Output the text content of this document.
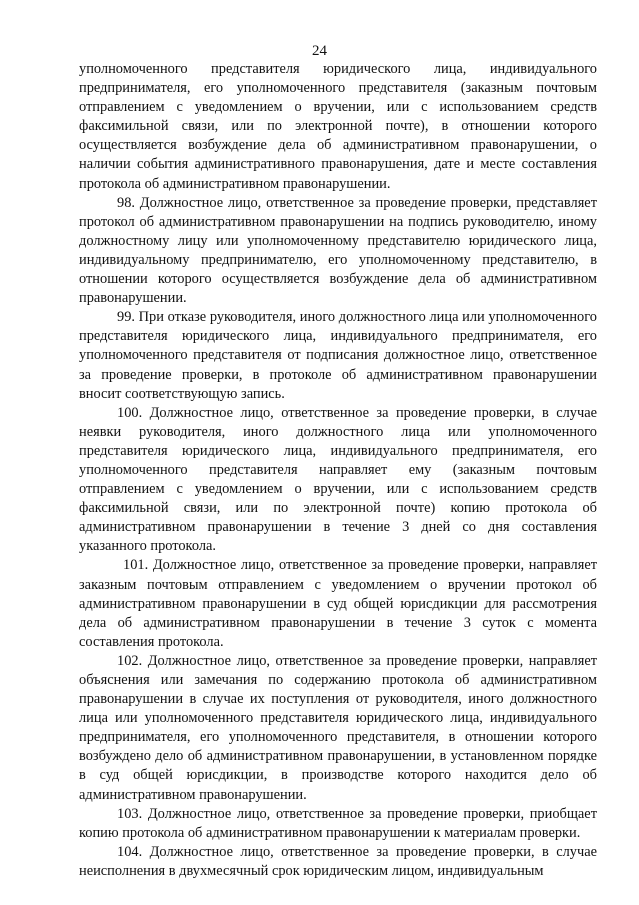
24

уполномоченного представителя юридического лица, индивидуального предпринимателя, его уполномоченного представителя (заказным почтовым отправлением с уведомлением о вручении, или с использованием средств факсимильной связи, или по электронной почте), в отношении которого осуществляется возбуждение дела об административном правонарушении, о наличии события административного правонарушения, дате и месте составления протокола об административном правонарушении.

98. Должностное лицо, ответственное за проведение проверки, представляет протокол об административном правонарушении на подпись руководителю, иному должностному лицу или уполномоченному представителю юридического лица, индивидуальному предпринимателю, его уполномоченному представителю, в отношении которого осуществляется возбуждение дела об административном правонарушении.

99. При отказе руководителя, иного должностного лица или уполномоченного представителя юридического лица, индивидуального предпринимателя, его уполномоченного представителя от подписания должностное лицо, ответственное за проведение проверки, в протоколе об административном правонарушении вносит соответствующую запись.

100. Должностное лицо, ответственное за проведение проверки, в случае неявки руководителя, иного должностного лица или уполномоченного представителя юридического лица, индивидуального предпринимателя, его уполномоченного представителя направляет ему (заказным почтовым отправлением с уведомлением о вручении, или с использованием средств факсимильной связи, или по электронной почте) копию протокола об административном правонарушении в течение 3 дней со дня составления указанного протокола.

101. Должностное лицо, ответственное за проведение проверки, направляет заказным почтовым отправлением с уведомлением о вручении протокол об административном правонарушении в суд общей юрисдикции для рассмотрения дела об административном правонарушении в течение 3 суток с момента составления протокола.

102. Должностное лицо, ответственное за проведение проверки, направляет объяснения или замечания по содержанию протокола об административном правонарушении в случае их поступления от руководителя, иного должностного лица или уполномоченного представителя юридического лица, индивидуального предпринимателя, его уполномоченного представителя, в отношении которого возбуждено дело об административном правонарушении, в установленном порядке в суд общей юрисдикции, в производстве которого находится дело об административном правонарушении.

103. Должностное лицо, ответственное за проведение проверки, приобщает копию протокола об административном правонарушении к материалам проверки.

104. Должностное лицо, ответственное за проведение проверки, в случае неисполнения в двухмесячный срок юридическим лицом, индивидуальным
